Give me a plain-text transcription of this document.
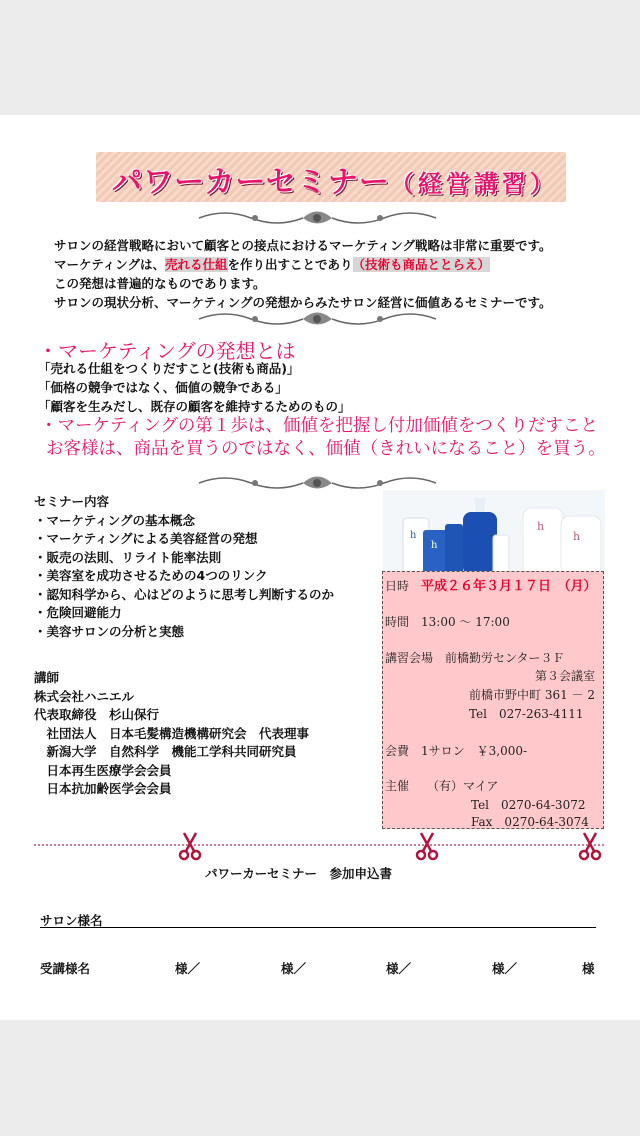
パワーカーセミナー（経営講習）
サロンの経営戦略において顧客との接点におけるマーケティング戦略は非常に重要です。
マーケティングは、売れる仕組を作り出すことであり（技術も商品ととらえ）
この発想は普遍的なものであります。
サロンの現状分析、マーケティングの発想からみたサロン経営に価値あるセミナーです。
・マーケティングの発想とは
「売れる仕組をつくりだすこと(技術も商品)」
「価格の競争ではなく、価値の競争である」
「顧客を生みだし、既存の顧客を維持するためのもの」
・マーケティングの第１歩は、価値を把握し付加価値をつくりだすこと
お客様は、商品を買うのではなく、価値（きれいになること）を買う。
セミナー内容
・マーケティングの基本概念
・マーケティングによる美容経営の発想
・販売の法則、リライト能率法則
・美容室を成功させるための4つのリンク
・認知科学から、心はどのように思考し判断するのか
・危険回避能力
・美容サロンの分析と実態
h
h
h
h
日時　 平成２６年３月１７日　（月）
時間　 13:00 〜 17:00
講習会場　 前橋勤労センター３Ｆ
第３会議室
前橋市野中町 361 － 2
Tel　027-263-4111
会費　 1サロン　￥3,000-
主催　　 （有）マイア
Tel　0270-64-3072
Fax　0270-64-3074
講師
株式会社ハニエル
代表取締役　杉山保行
　社団法人　日本毛髪構造機構研究会　代表理事
　新潟大学　自然科学　機能工学科共同研究員
　日本再生医療学会会員
　日本抗加齢医学会会員
パワーカーセミナー　参加申込書
サロン様名
受講様名	様／	様／	様／	様／	様
